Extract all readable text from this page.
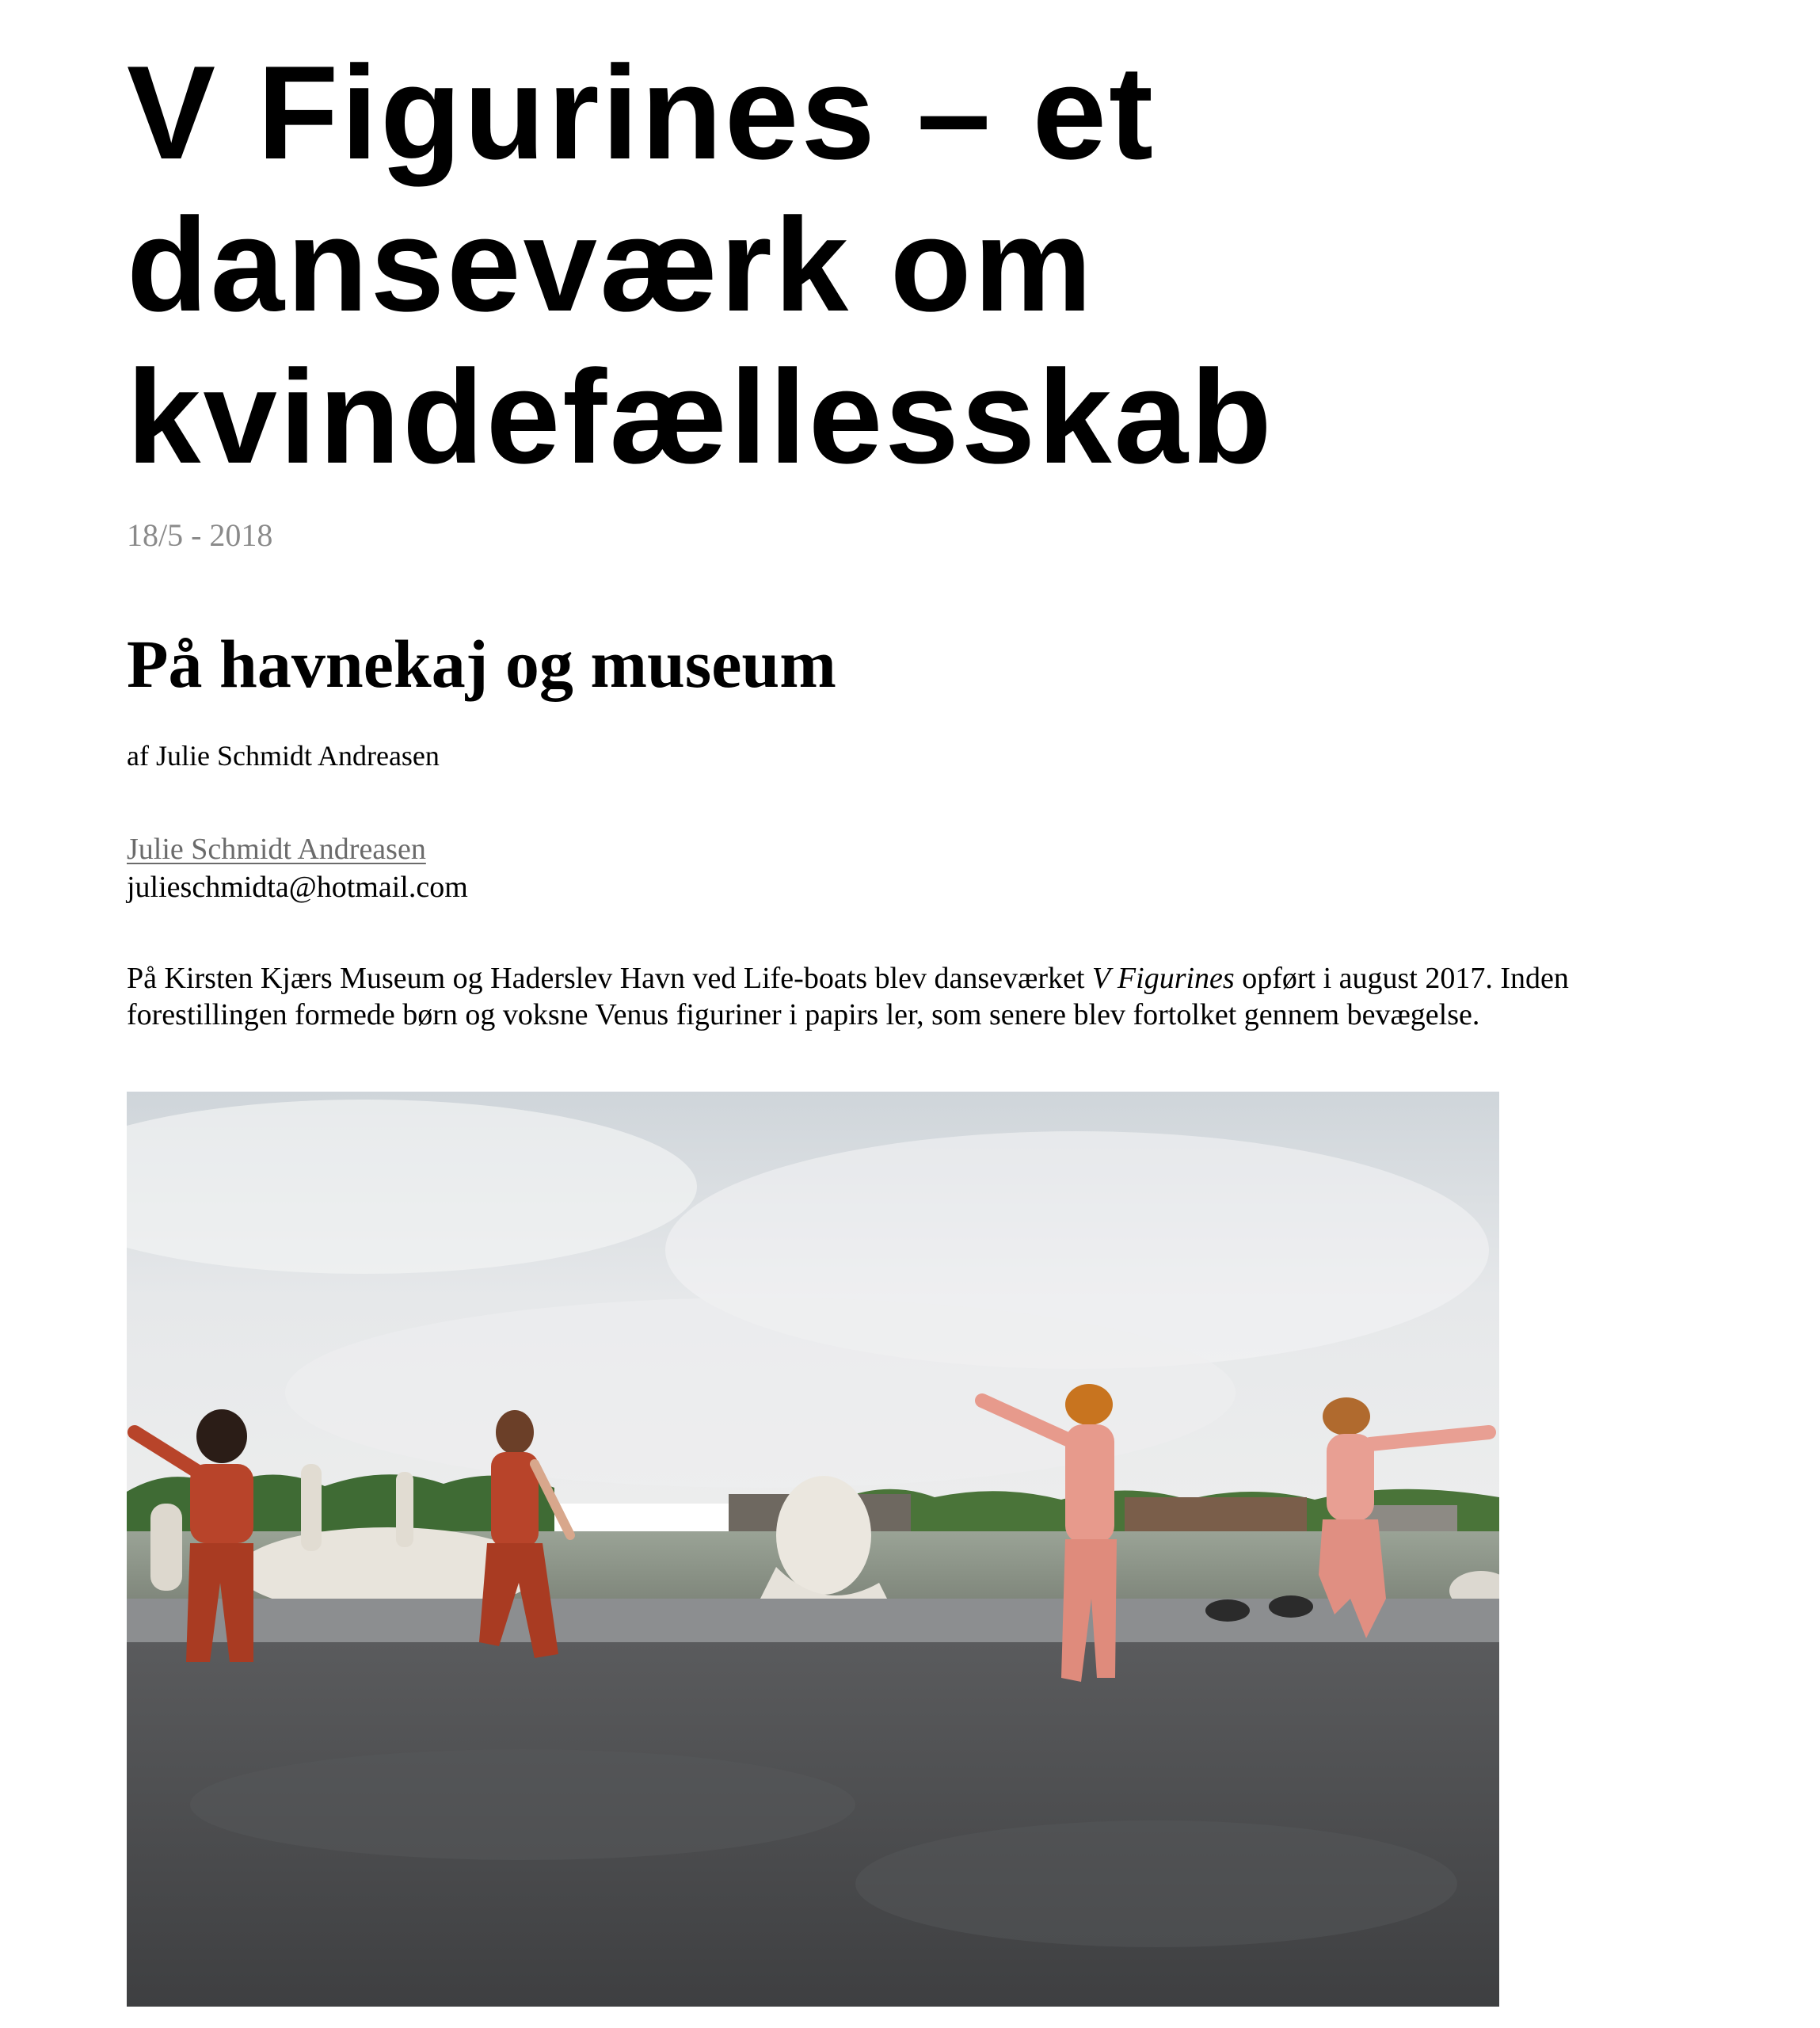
V Figurines – et danseværk om kvindefællesskab
18/5 - 2018
På havnekaj og museum
af Julie Schmidt Andreasen
Julie Schmidt Andreasen
julieschmidta@hotmail.com

På Kirsten Kjærs Museum og Haderslev Havn ved Life-boats blev danseværket V Figurines opført i august 2017. Inden forestillingen formede børn og voksne Venus figuriner i papirs ler, som senere blev fortolket gennem bevægelse.
